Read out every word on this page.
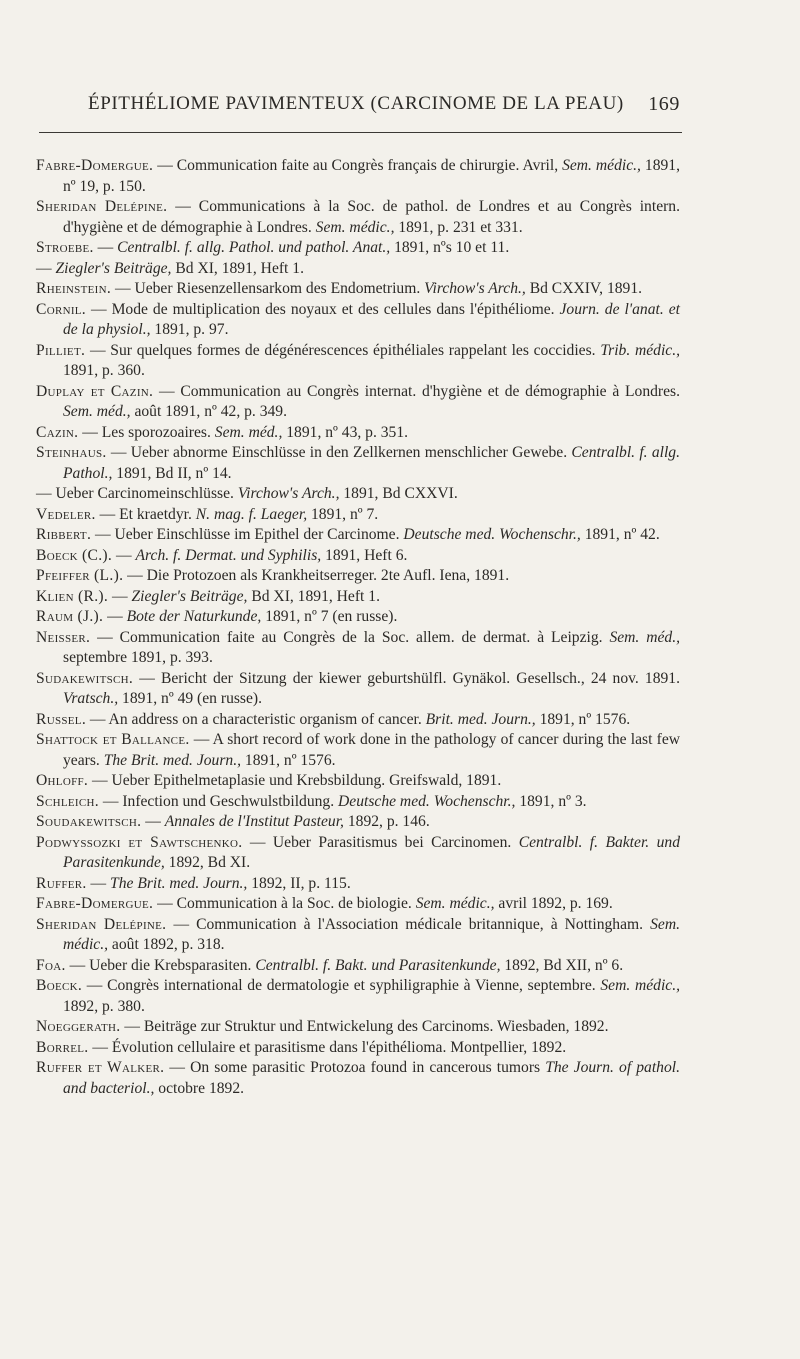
ÉPITHÉLIOME PAVIMENTEUX (CARCINOME DE LA PEAU) 169

Fabre-Domergue. — Communication faite au Congrès français de chirurgie. Avril, Sem. médic., 1891, nº 19, p. 150.

Sheridan Delépine. — Communications à la Soc. de pathol. de Londres et au Congrès intern. d'hygiène et de démographie à Londres. Sem. médic., 1891, p. 231 et 331.

Stroebe. — Centralbl. f. allg. Pathol. und pathol. Anat., 1891, nºs 10 et 11.

— Ziegler's Beiträge, Bd XI, 1891, Heft 1.

Rheinstein. — Ueber Riesenzellensarkom des Endometrium. Virchow's Arch., Bd CXXIV, 1891.

Cornil. — Mode de multiplication des noyaux et des cellules dans l'épithéliome. Journ. de l'anat. et de la physiol., 1891, p. 97.

Pilliet. — Sur quelques formes de dégénérescences épithéliales rappelant les coccidies. Trib. médic., 1891, p. 360.

Duplay et Cazin. — Communication au Congrès internat. d'hygiène et de démographie à Londres. Sem. méd., août 1891, nº 42, p. 349.

Cazin. — Les sporozoaires. Sem. méd., 1891, nº 43, p. 351.

Steinhaus. — Ueber abnorme Einschlüsse in den Zellkernen menschlicher Gewebe. Centralbl. f. allg. Pathol., 1891, Bd II, nº 14.

— Ueber Carcinomeinschlüsse. Virchow's Arch., 1891, Bd CXXVI.

Vedeler. — Et kraetdyr. N. mag. f. Laeger, 1891, nº 7.

Ribbert. — Ueber Einschlüsse im Epithel der Carcinome. Deutsche med. Wochenschr., 1891, nº 42.

Boeck (C.). — Arch. f. Dermat. und Syphilis, 1891, Heft 6.

Pfeiffer (L.). — Die Protozoen als Krankheitserreger. 2te Aufl. Iena, 1891.

Klien (R.). — Ziegler's Beiträge, Bd XI, 1891, Heft 1.

Raum (J.). — Bote der Naturkunde, 1891, nº 7 (en russe).

Neisser. — Communication faite au Congrès de la Soc. allem. de dermat. à Leipzig. Sem. méd., septembre 1891, p. 393.

Sudakewitsch. — Bericht der Sitzung der kiewer geburtshülfl. Gynäkol. Gesellsch., 24 nov. 1891. Vratsch., 1891, nº 49 (en russe).

Russel. — An address on a characteristic organism of cancer. Brit. med. Journ., 1891, nº 1576.

Shattock et Ballance. — A short record of work done in the pathology of cancer during the last few years. The Brit. med. Journ., 1891, nº 1576.

Ohloff. — Ueber Epithelmetaplasie und Krebsbildung. Greifswald, 1891.

Schleich. — Infection und Geschwulstbildung. Deutsche med. Wochenschr., 1891, nº 3.

Soudakewitsch. — Annales de l'Institut Pasteur, 1892, p. 146.

Podwyssozki et Sawtschenko. — Ueber Parasitismus bei Carcinomen. Centralbl. f. Bakter. und Parasitenkunde, 1892, Bd XI.

Ruffer. — The Brit. med. Journ., 1892, II, p. 115.

Fabre-Domergue. — Communication à la Soc. de biologie. Sem. médic., avril 1892, p. 169.

Sheridan Delépine. — Communication à l'Association médicale britannique, à Nottingham. Sem. médic., août 1892, p. 318.

Foa. — Ueber die Krebsparasiten. Centralbl. f. Bakt. und Parasitenkunde, 1892, Bd XII, nº 6.

Boeck. — Congrès international de dermatologie et syphiligraphie à Vienne, septembre. Sem. médic., 1892, p. 380.

Noeggerath. — Beiträge zur Struktur und Entwickelung des Carcinoms. Wiesbaden, 1892.

Borrel. — Évolution cellulaire et parasitisme dans l'épithélioma. Montpellier, 1892.

Ruffer et Walker. — On some parasitic Protozoa found in cancerous tumors The Journ. of pathol. and bacteriol., octobre 1892.
